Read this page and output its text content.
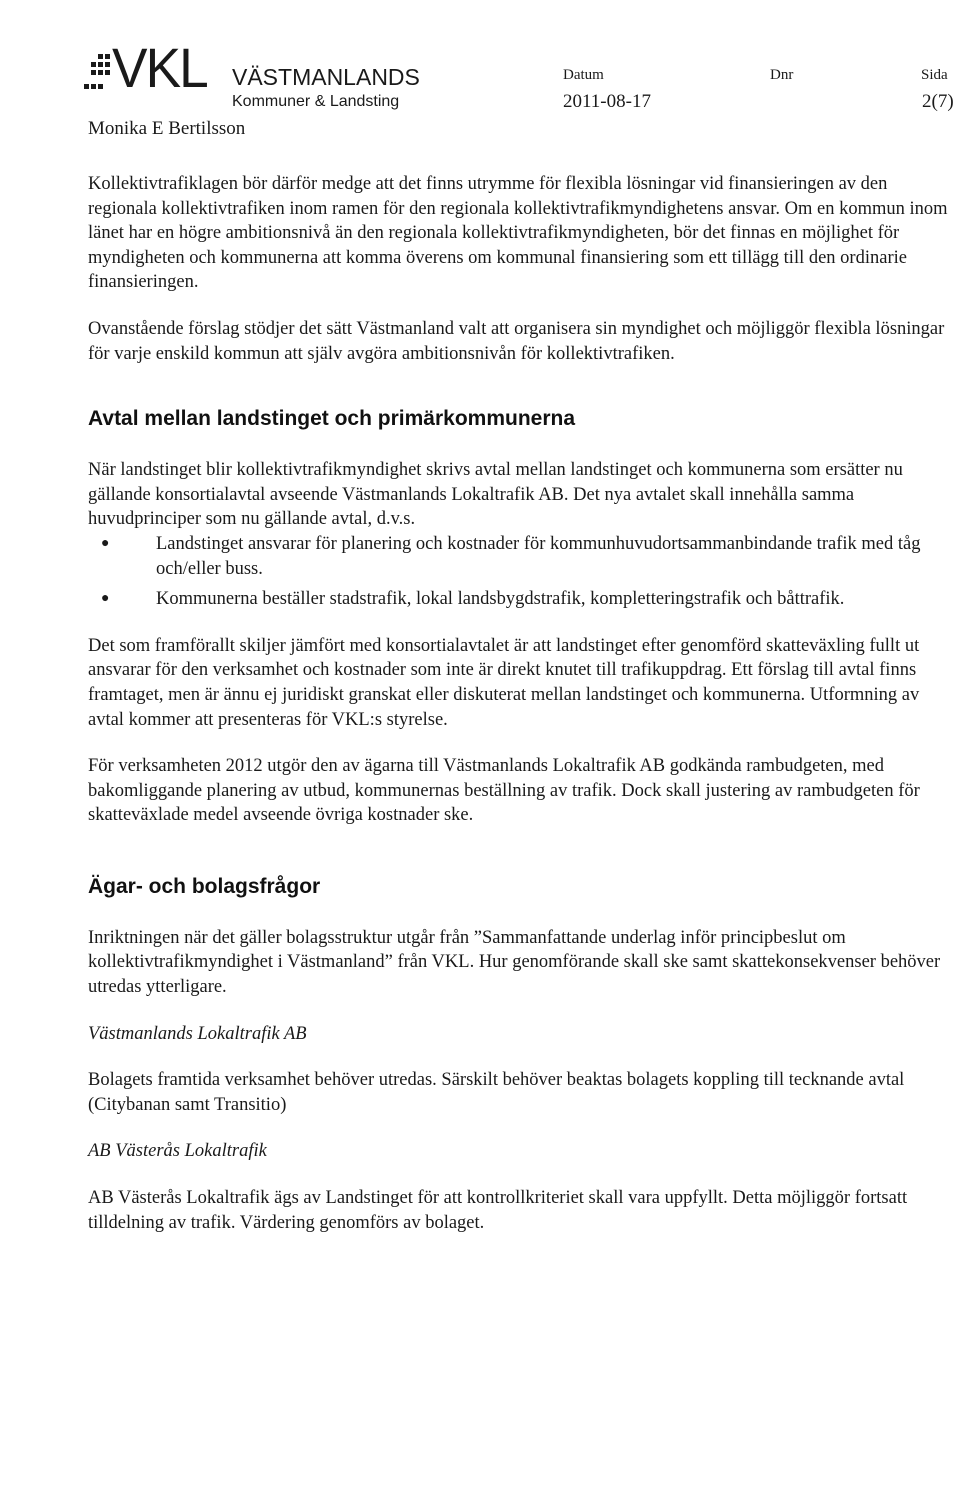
VKL VÄSTMANLANDS
Kommuner & Landsting
Monika E Bertilsson
Datum
2011-08-17
Dnr	Sida
2(7)

Kollektivtrafiklagen bör därför medge att det finns utrymme för flexibla lösningar vid finansieringen av den regionala kollektivtrafiken inom ramen för den regionala kollektivtrafikmyndighetens ansvar. Om en kommun inom länet har en högre ambitionsnivå än den regionala kollektivtrafikmyndigheten, bör det finnas en möjlighet för myndigheten och kommunerna att komma överens om kommunal finansiering som ett tillägg till den ordinarie finansieringen.

Ovanstående förslag stödjer det sätt Västmanland valt att organisera sin myndighet och möjliggör flexibla lösningar för varje enskild kommun att själv avgöra ambitionsnivån för kollektivtrafiken.

Avtal mellan landstinget och primärkommunerna

När landstinget blir kollektivtrafikmyndighet skrivs avtal mellan landstinget och kommunerna som ersätter nu gällande konsortialavtal avseende Västmanlands Lokaltrafik AB. Det nya avtalet skall innehålla samma huvudprinciper som nu gällande avtal, d.v.s.

●	Landstinget ansvarar för planering och kostnader för kommunhuvudortsammanbindande trafik med tåg och/eller buss.
●	Kommunerna beställer stadstrafik, lokal landsbygdstrafik, kompletteringstrafik och båttrafik.

Det som framförallt skiljer jämfört med konsortialavtalet är att landstinget efter genomförd skatteväxling fullt ut ansvarar för den verksamhet och kostnader som inte är direkt knutet till trafikuppdrag. Ett förslag till avtal finns framtaget, men är ännu ej juridiskt granskat eller diskuterat mellan landstinget och kommunerna. Utformning av avtal kommer att presenteras för VKL:s styrelse.

För verksamheten 2012 utgör den av ägarna till Västmanlands Lokaltrafik AB godkända rambudgeten, med bakomliggande planering av utbud, kommunernas beställning av trafik. Dock skall justering av rambudgeten för skatteväxlade medel avseende övriga kostnader ske.

Ägar- och bolagsfrågor

Inriktningen när det gäller bolagsstruktur utgår från ”Sammanfattande underlag inför principbeslut om kollektivtrafikmyndighet i Västmanland” från VKL. Hur genomförande skall ske samt skattekonsekvenser behöver utredas ytterligare.

Västmanlands Lokaltrafik AB

Bolagets framtida verksamhet behöver utredas. Särskilt behöver beaktas bolagets koppling till tecknande avtal (Citybanan samt Transitio)

AB Västerås Lokaltrafik

AB Västerås Lokaltrafik ägs av Landstinget för att kontrollkriteriet skall vara uppfyllt. Detta möjliggör fortsatt tilldelning av trafik. Värdering genomförs av bolaget.
